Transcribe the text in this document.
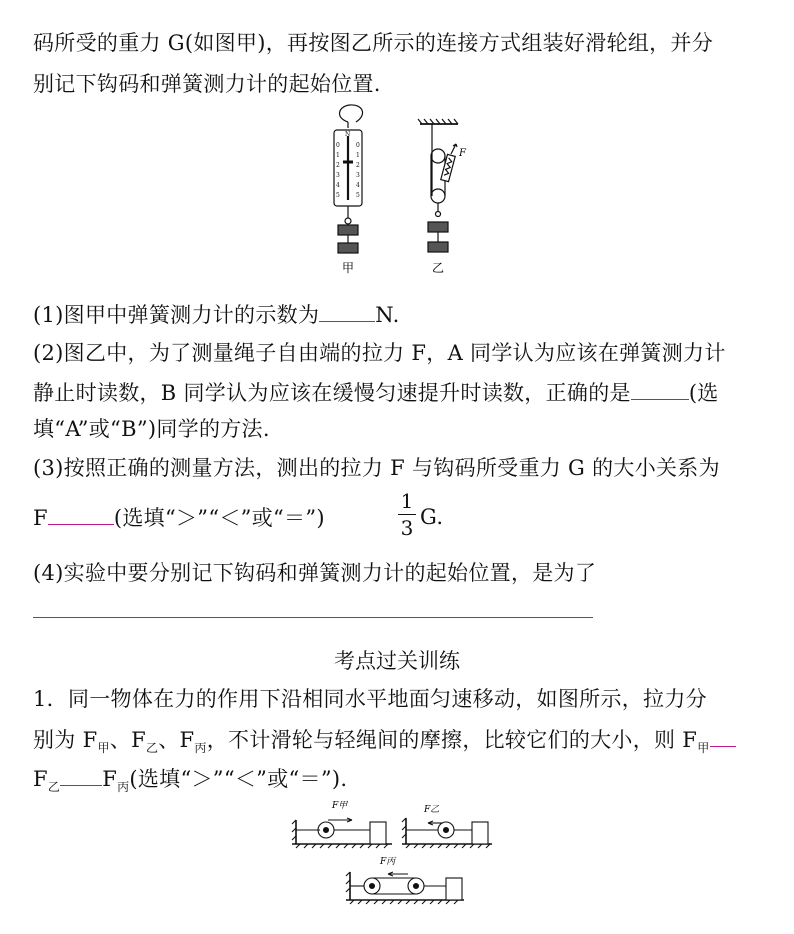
码所受的重力 G(如图甲)，再按图乙所示的连接方式组装好滑轮组，并分
别记下钩码和弹簧测力计的起始位置.
N
0
1
2
3
4
5
0
1
2
3
4
5
甲
F
乙
(1)图甲中弹簧测力计的示数为	N.
(2)图乙中，为了测量绳子自由端的拉力 F，A 同学认为应该在弹簧测力计
静止时读数，B 同学认为应该在缓慢匀速提升时读数，正确的是	(选
填“A”或“B”)同学的方法.
(3)按照正确的测量方法，测出的拉力 F 与钩码所受重力 G 的大小关系为
F	(选填“＞”“＜”或“＝”)
1
3 G.
(4)实验中要分别记下钩码和弹簧测力计的起始位置，是为了
考点过关训练
1．同一物体在力的作用下沿相同水平地面匀速移动，如图所示，拉力分
别为 $F_甲$、$F_乙$、$F_丙$，不计滑轮与轻绳间的摩擦，比较它们的大小，则 $F_甲$
$F_乙$ $F_丙$(选填“＞”“＜”或“＝”).
F甲	F乙
F丙
